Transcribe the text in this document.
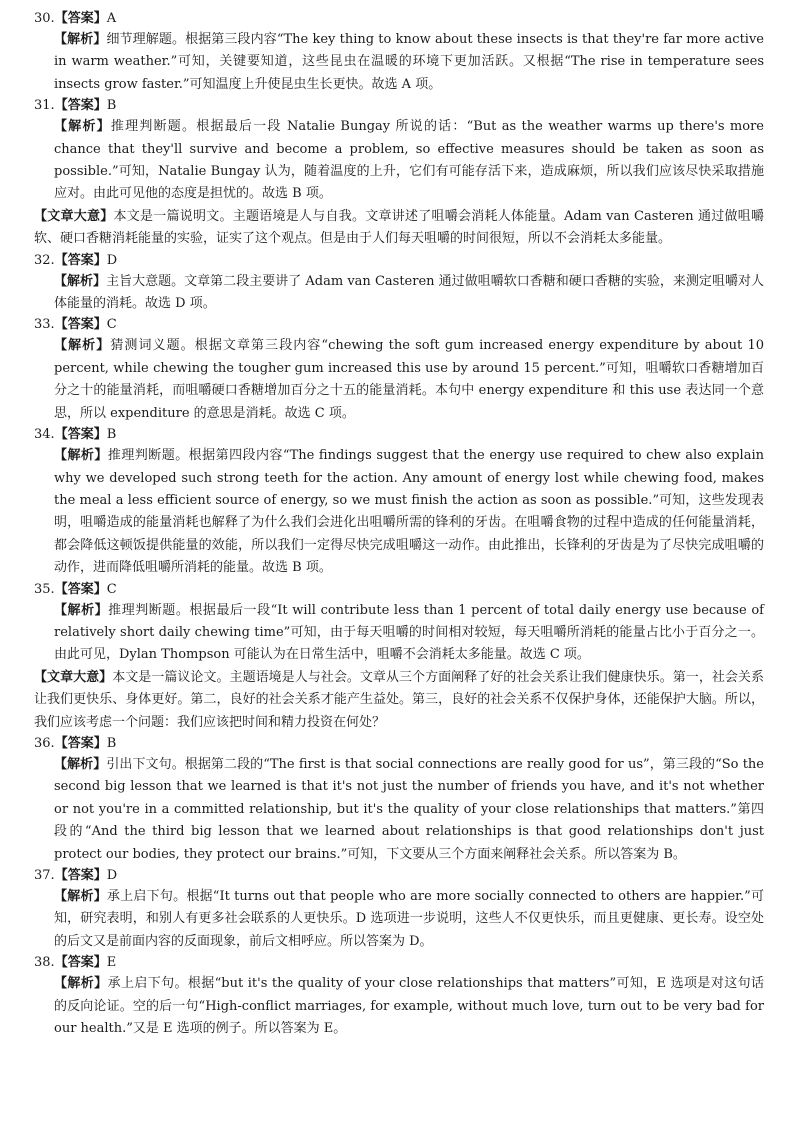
30.【答案】A

【解析】细节理解题。根据第三段内容“The key thing to know about these insects is that they're far more active in warm weather.”可知，关键要知道，这些昆虫在温暖的环境下更加活跃。又根据“The rise in temperature sees insects grow faster.”可知温度上升使昆虫生长更快。故选 A 项。

31.【答案】B

【解析】推理判断题。根据最后一段 Natalie Bungay 所说的话：“But as the weather warms up there's more chance that they'll survive and become a problem, so effective measures should be taken as soon as possible.”可知，Natalie Bungay 认为，随着温度的上升，它们有可能存活下来，造成麻烦，所以我们应该尽快采取措施应对。由此可见他的态度是担忧的。故选 B 项。

【文章大意】本文是一篇说明文。主题语境是人与自我。文章讲述了咀嚼会消耗人体能量。Adam van Casteren 通过做咀嚼软、硬口香糖消耗能量的实验，证实了这个观点。但是由于人们每天咀嚼的时间很短，所以不会消耗太多能量。

32.【答案】D

【解析】主旨大意题。文章第二段主要讲了 Adam van Casteren 通过做咀嚼软口香糖和硬口香糖的实验，来测定咀嚼对人体能量的消耗。故选 D 项。

33.【答案】C

【解析】猜测词义题。根据文章第三段内容“chewing the soft gum increased energy expenditure by about 10 percent, while chewing the tougher gum increased this use by around 15 percent.”可知，咀嚼软口香糖增加百分之十的能量消耗，而咀嚼硬口香糖增加百分之十五的能量消耗。本句中 energy expenditure 和 this use 表达同一个意思，所以 expenditure 的意思是消耗。故选 C 项。

34.【答案】B

【解析】推理判断题。根据第四段内容“The findings suggest that the energy use required to chew also explain why we developed such strong teeth for the action. Any amount of energy lost while chewing food, makes the meal a less efficient source of energy, so we must finish the action as soon as possible.”可知，这些发现表明，咀嚼造成的能量消耗也解释了为什么我们会进化出咀嚼所需的锋利的牙齿。在咀嚼食物的过程中造成的任何能量消耗，都会降低这顿饭提供能量的效能，所以我们一定得尽快完成咀嚼这一动作。由此推出，长锋利的牙齿是为了尽快完成咀嚼的动作，进而降低咀嚼所消耗的能量。故选 B 项。

35.【答案】C

【解析】推理判断题。根据最后一段“It will contribute less than 1 percent of total daily energy use because of relatively short daily chewing time”可知，由于每天咀嚼的时间相对较短，每天咀嚼所消耗的能量占比小于百分之一。由此可见，Dylan Thompson 可能认为在日常生活中，咀嚼不会消耗太多能量。故选 C 项。

【文章大意】本文是一篇议论文。主题语境是人与社会。文章从三个方面阐释了好的社会关系让我们健康快乐。第一，社会关系让我们更快乐、身体更好。第二，良好的社会关系才能产生益处。第三，良好的社会关系不仅保护身体，还能保护大脑。所以，我们应该考虑一个问题：我们应该把时间和精力投资在何处？

36.【答案】B

【解析】引出下文句。根据第二段的“The first is that social connections are really good for us”，第三段的“So the second big lesson that we learned is that it's not just the number of friends you have, and it's not whether or not you're in a committed relationship, but it's the quality of your close relationships that matters.”第四段的“And the third big lesson that we learned about relationships is that good relationships don't just protect our bodies, they protect our brains.”可知，下文要从三个方面来阐释社会关系。所以答案为 B。

37.【答案】D

【解析】承上启下句。根据“It turns out that people who are more socially connected to others are happier.”可知，研究表明，和别人有更多社会联系的人更快乐。D 选项进一步说明，这些人不仅更快乐，而且更健康、更长寿。设空处的后文又是前面内容的反面现象，前后文相呼应。所以答案为 D。

38.【答案】E

【解析】承上启下句。根据“but it's the quality of your close relationships that matters”可知，E 选项是对这句话的反向论证。空的后一句“High-conflict marriages, for example, without much love, turn out to be very bad for our health.”又是 E 选项的例子。所以答案为 E。
